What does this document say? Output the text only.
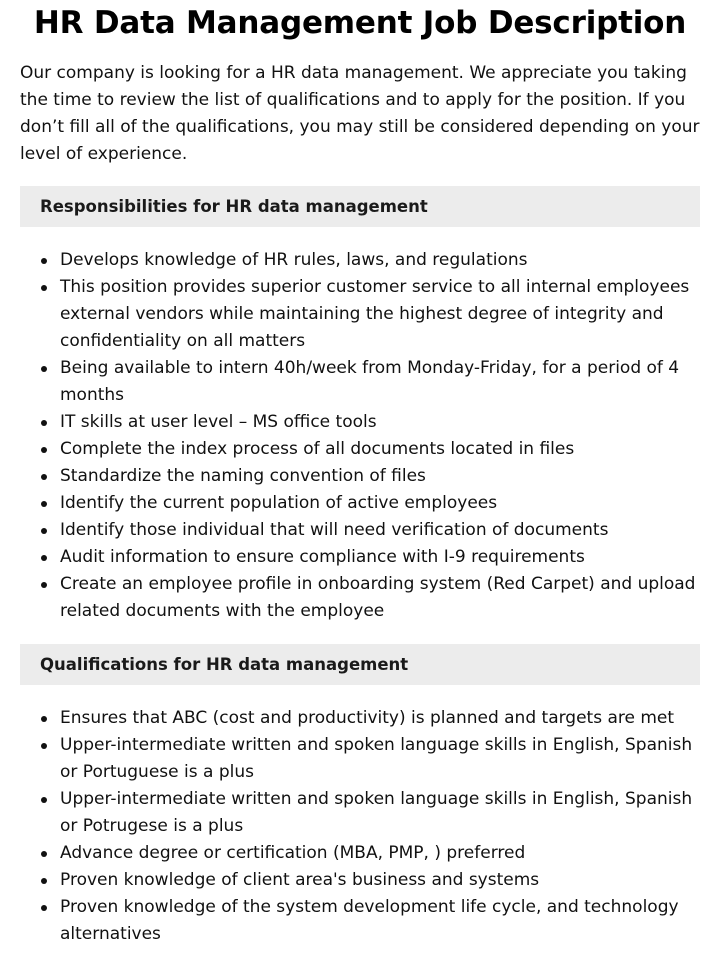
HR Data Management Job Description

Our company is looking for a HR data management. We appreciate you taking the time to review the list of qualifications and to apply for the position. If you don’t fill all of the qualifications, you may still be considered depending on your level of experience.

Responsibilities for HR data management
Develops knowledge of HR rules, laws, and regulations
This position provides superior customer service to all internal employees external vendors while maintaining the highest degree of integrity and confidentiality on all matters
Being available to intern 40h/week from Monday-Friday, for a period of 4 months
IT skills at user level – MS office tools
Complete the index process of all documents located in files
Standardize the naming convention of files
Identify the current population of active employees
Identify those individual that will need verification of documents
Audit information to ensure compliance with I-9 requirements
Create an employee profile in onboarding system (Red Carpet) and upload related documents with the employee
Qualifications for HR data management
Ensures that ABC (cost and productivity) is planned and targets are met
Upper-intermediate written and spoken language skills in English, Spanish or Portuguese is a plus
Upper-intermediate written and spoken language skills in English, Spanish or Potrugese is a plus
Advance degree or certification (MBA, PMP, ) preferred
Proven knowledge of client area's business and systems
Proven knowledge of the system development life cycle, and technology alternatives
